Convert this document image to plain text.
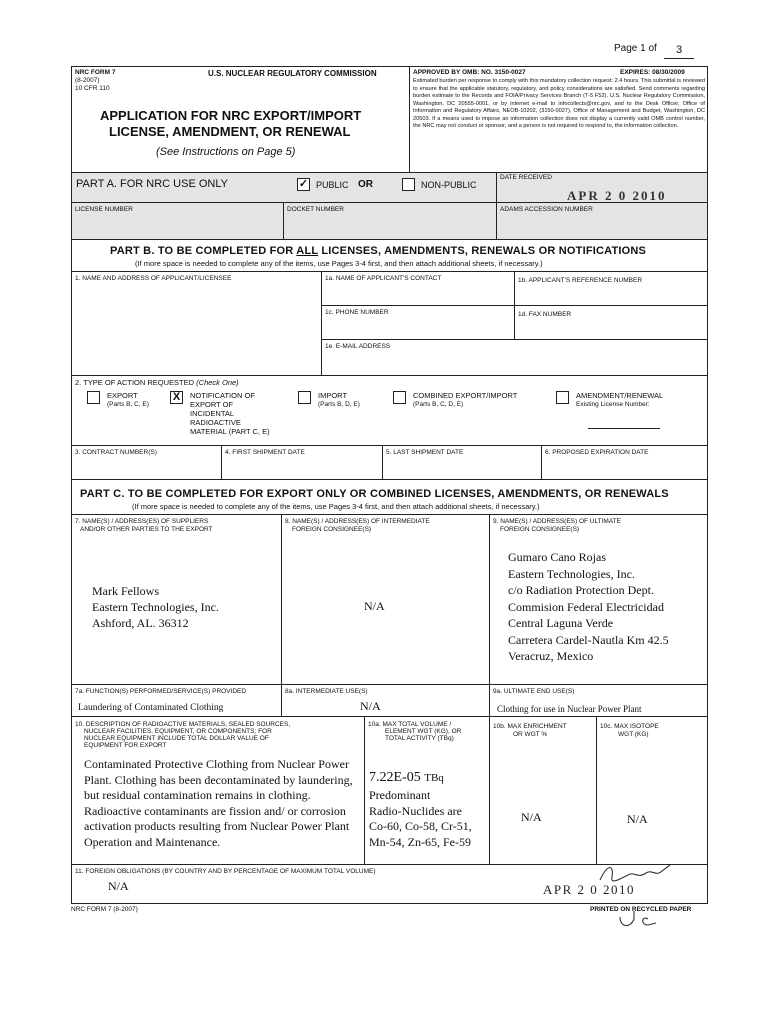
Page 1 of 3
NRC FORM 7
(8-2007)
10 CFR 110
U.S. NUCLEAR REGULATORY COMMISSION
APPLICATION FOR NRC EXPORT/IMPORT
LICENSE, AMENDMENT, OR RENEWAL
(See Instructions on Page 5)
APPROVED BY OMB: NO. 3150-0027	EXPIRES: 08/30/2009
Estimated burden per response to comply with this mandatory collection request: 2.4 hours. This submittal is reviewed to ensure that the applicable statutory, regulatory, and policy considerations are satisfied. Send comments regarding burden estimate to the Records and FOIA/Privacy Services Branch (T-5 F52), U.S. Nuclear Regulatory Commission, Washington, DC 20555-0001, or by internet e-mail to infocollects@nrc.gov, and to the Desk Officer, Office of Information and Regulatory Affairs, NEOB-10202, (3150-0027), Office of Management and Budget, Washington, DC 20503. If a means used to impose an information collection does not display a currently valid OMB control number, the NRC may not conduct or sponsor, and a person is not required to respond to, the information collection.
PART A. FOR NRC USE ONLY	✓ PUBLIC OR	NON-PUBLIC
DATE RECEIVED
APR 2 0 2010
LICENSE NUMBER	DOCKET NUMBER	ADAMS ACCESSION NUMBER
PART B. TO BE COMPLETED FOR ALL LICENSES, AMENDMENTS, RENEWALS OR NOTIFICATIONS
(If more space is needed to complete any of the items, use Pages 3-4 first, and then attach additional sheets, if necessary.)
1. NAME AND ADDRESS OF APPLICANT/LICENSEE	1a. NAME OF APPLICANT'S CONTACT	1b. APPLICANT'S REFERENCE NUMBER
1c. PHONE NUMBER	1d. FAX NUMBER
1e. E-MAIL ADDRESS
2. TYPE OF ACTION REQUESTED (Check One)
EXPORT
(Parts B, C, E)
X	NOTIFICATION OF
EXPORT OF
INCIDENTAL
RADIOACTIVE
MATERIAL (PART C, E)
IMPORT
(Parts B, D, E)
COMBINED EXPORT/IMPORT
(Parts B, C, D, E)
AMENDMENT/RENEWAL
Existing License Number:
3. CONTRACT NUMBER(S)	4. FIRST SHIPMENT DATE	5. LAST SHIPMENT DATE	6. PROPOSED EXPIRATION DATE
PART C. TO BE COMPLETED FOR EXPORT ONLY OR COMBINED LICENSES, AMENDMENTS, OR RENEWALS
(If more space is needed to complete any of the items, use Pages 3-4 first, and then attach additional sheets, if necessary.)
7. NAME(S) / ADDRESS(ES) OF SUPPLIERS
AND/OR OTHER PARTIES TO THE EXPORT
8. NAME(S) / ADDRESS(ES) OF INTERMEDIATE
FOREIGN CONSIGNEE(S)
9. NAME(S) / ADDRESS(ES) OF ULTIMATE
FOREIGN CONSIGNEE(S)
Mark Fellows
Eastern Technologies, Inc.
Ashford, AL. 36312
N/A
Gumaro Cano Rojas
Eastern Technologies, Inc.
c/o Radiation Protection Dept.
Commision Federal Electricidad
Central Laguna Verde
Carretera Cardel-Nautla Km 42.5
Veracruz, Mexico
7a. FUNCTION(S) PERFORMED/SERVICE(S) PROVIDED	8a. INTERMEDIATE USE(S)	9a. ULTIMATE END USE(S)
Laundering of Contaminated Clothing	N/A	Clothing for use in Nuclear Power Plant
10. DESCRIPTION OF RADIOACTIVE MATERIALS, SEALED SOURCES,
NUCLEAR FACILITIES, EQUIPMENT, OR COMPONENTS; FOR
NUCLEAR EQUIPMENT INCLUDE TOTAL DOLLAR VALUE OF
EQUIPMENT FOR EXPORT
Contaminated Protective Clothing from Nuclear Power
Plant. Clothing has been decontaminated by laundering,
but residual contamination remains in clothing.
Radioactive contaminants are fission and/ or corrosion
activation products resulting from Nuclear Power Plant
Operation and Maintenance.
10a. MAX TOTAL VOLUME /
ELEMENT WGT (KG), OR
TOTAL ACTIVITY (TBq)
7.22E-05 TBq
Predominant
Radio-Nuclides are
Co-60, Co-58, Cr-51,
Mn-54, Zn-65, Fe-59
10b. MAX ENRICHMENT
OR WGT %
N/A
10c. MAX ISOTOPE
WGT (KG)
N/A
11. FOREIGN OBLIGATIONS (BY COUNTRY AND BY PERCENTAGE OF MAXIMUM TOTAL VOLUME)
N/A	APR 2 0 2010
NRC FORM 7 (8-2007)	PRINTED ON RECYCLED PAPER
